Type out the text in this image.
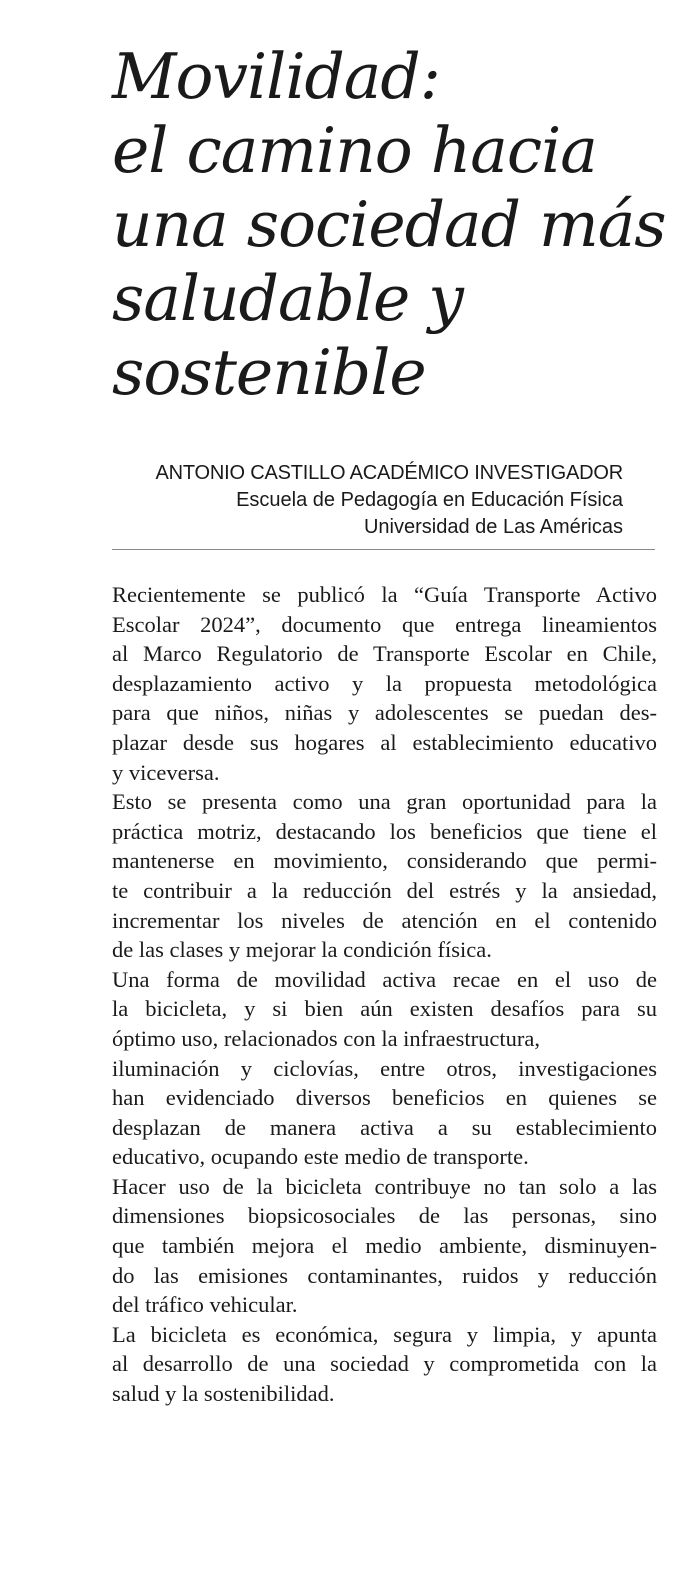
Movilidad:
el camino hacia
una sociedad más
saludable y
sostenible
ANTONIO CASTILLO ACADÉMICO INVESTIGADOR
Escuela de Pedagogía en Educación Física
Universidad de Las Américas
Recientemente se publicó la “Guía Transporte Activo
Escolar 2024”, documento que entrega lineamientos
al Marco Regulatorio de Transporte Escolar en Chile,
desplazamiento activo y la propuesta metodológica
para que niños, niñas y adolescentes se puedan des-
plazar desde sus hogares al establecimiento educativo
y viceversa.
Esto se presenta como una gran oportunidad para la
práctica motriz, destacando los beneficios que tiene el
mantenerse en movimiento, considerando que permi-
te contribuir a la reducción del estrés y la ansiedad,
incrementar los niveles de atención en el contenido
de las clases y mejorar la condición física.
Una forma de movilidad activa recae en el uso de
la bicicleta, y si bien aún existen desafíos para su
óptimo uso, relacionados con la infraestructura,
iluminación y ciclovías, entre otros, investigaciones
han evidenciado diversos beneficios en quienes se
desplazan de manera activa a su establecimiento
educativo, ocupando este medio de transporte.
Hacer uso de la bicicleta contribuye no tan solo a las
dimensiones biopsicosociales de las personas, sino
que también mejora el medio ambiente, disminuyen-
do las emisiones contaminantes, ruidos y reducción
del tráfico vehicular.
La bicicleta es económica, segura y limpia, y apunta
al desarrollo de una sociedad y comprometida con la
salud y la sostenibilidad.
